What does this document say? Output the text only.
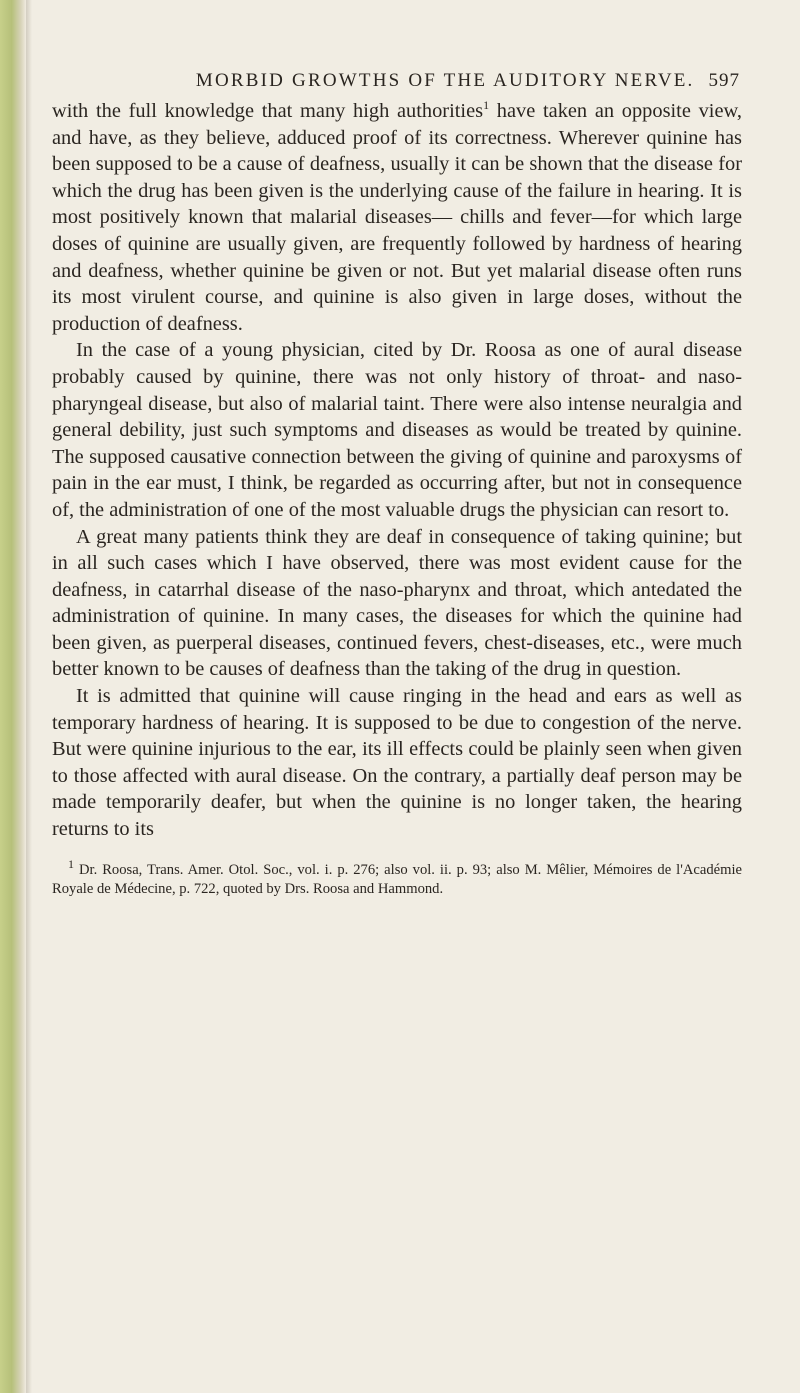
MORBID GROWTHS OF THE AUDITORY NERVE. 597

with the full knowledge that many high authorities$^1$ have taken an opposite view, and have, as they believe, adduced proof of its correctness. Wherever quinine has been supposed to be a cause of deafness, usually it can be shown that the disease for which the drug has been given is the underlying cause of the failure in hearing. It is most positively known that malarial diseases— chills and fever—for which large doses of quinine are usually given, are frequently followed by hardness of hearing and deafness, whether quinine be given or not. But yet malarial disease often runs its most virulent course, and quinine is also given in large doses, without the production of deafness.

In the case of a young physician, cited by Dr. Roosa as one of aural disease probably caused by quinine, there was not only history of throat- and naso-pharyngeal disease, but also of malarial taint. There were also intense neuralgia and general debility, just such symptoms and diseases as would be treated by quinine. The supposed causative connection between the giving of quinine and paroxysms of pain in the ear must, I think, be regarded as occurring after, but not in consequence of, the administration of one of the most valuable drugs the physician can resort to.

A great many patients think they are deaf in consequence of taking quinine; but in all such cases which I have observed, there was most evident cause for the deafness, in catarrhal disease of the naso-pharynx and throat, which antedated the administration of quinine. In many cases, the diseases for which the quinine had been given, as puerperal diseases, continued fevers, chest-diseases, etc., were much better known to be causes of deafness than the taking of the drug in question.

It is admitted that quinine will cause ringing in the head and ears as well as temporary hardness of hearing. It is supposed to be due to congestion of the nerve. But were quinine injurious to the ear, its ill effects could be plainly seen when given to those affected with aural disease. On the contrary, a partially deaf person may be made temporarily deafer, but when the quinine is no longer taken, the hearing returns to its

$^1$ Dr. Roosa, Trans. Amer. Otol. Soc., vol. i. p. 276; also vol. ii. p. 93; also M. Mêlier, Mémoires de l'Académie Royale de Médecine, p. 722, quoted by Drs. Roosa and Hammond.
